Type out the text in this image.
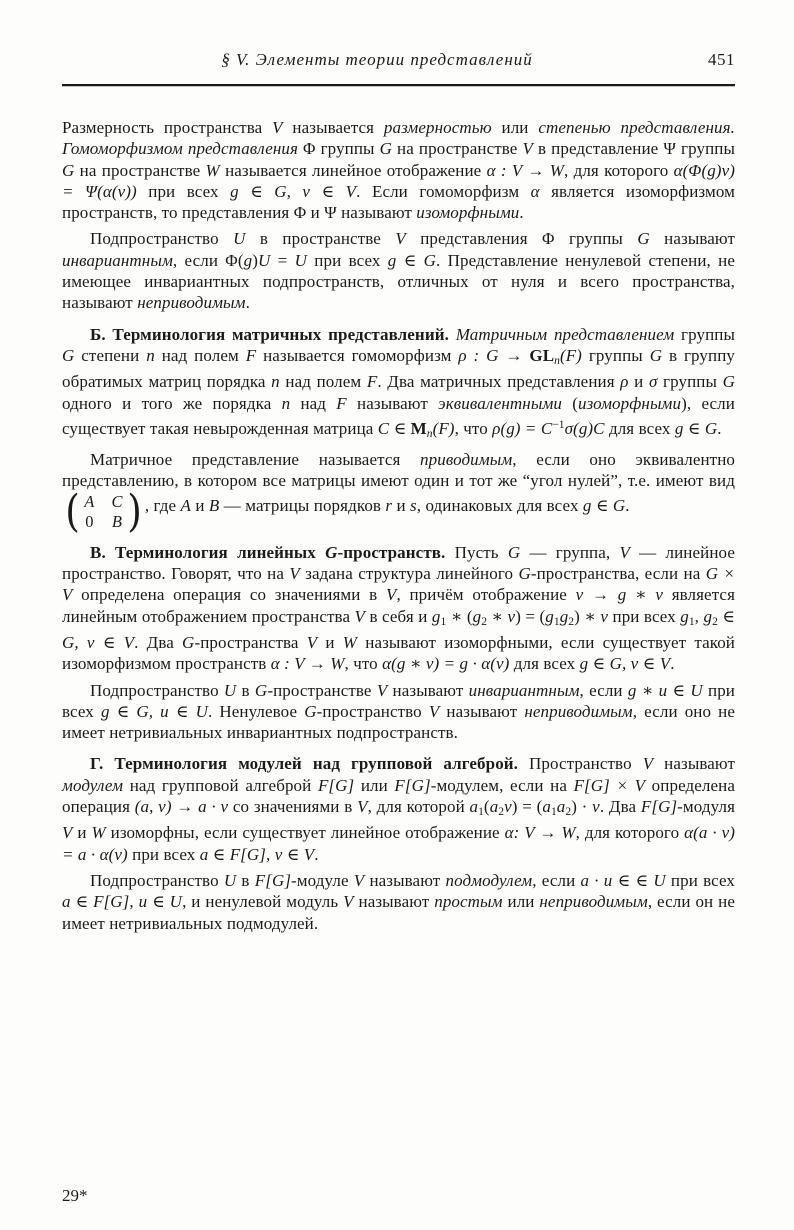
§ V. Элементы теории представлений	451

Размерность пространства V называется размерностью или степенью представления. Гомоморфизмом представления Φ группы G на пространстве V в представление Ψ группы G на пространстве W называется линейное отображение α : V → W, для которого α(Φ(g)v) = Ψ(α(v)) при всех g ∈ G, v ∈ V. Если гомоморфизм α является изоморфизмом пространств, то представления Φ и Ψ называют изоморфными.

Подпространство U в пространстве V представления Φ группы G называют инвариантным, если Φ(g)U = U при всех g ∈ G. Представление ненулевой степени, не имеющее инвариантных подпространств, отличных от нуля и всего пространства, называют неприводимым.

Б. Терминология матричных представлений. Матричным представлением группы G степени n над полем F называется гомоморфизм ρ : $G \to GL_n(F)$ группы G в группу обратимых матриц порядка n над полем F. Два матричных представления ρ и σ группы G одного и того же порядка n над F называют эквивалентными (изоморфными), если существует такая невырожденная матрица C ∈ $M_n(F)$, что $\rho(g) = C^{-1}\sigma(g)C$ для всех g ∈ G.

Матричное представление называется приводимым, если оно эквивалентно представлению, в котором все матрицы имеют один и тот же “угол нулей”, т.е. имеют вид
( A C
0 B ) , где A и B — матрицы порядков r и s, одинаковых для всех g ∈ G.

В. Терминология линейных G-пространств. Пусть G — группа, V — линейное пространство. Говорят, что на V задана структура линейного G-пространства, если на G × V определена операция со значениями в V, причём отображение v → g ∗ v является линейным отображением пространства V в себя и $g_1$ ∗ ($g_2$ ∗ $v) = (g_1g_2)$ ∗ v при всех $g_1$, $g_2$ ∈ G, v ∈ V. Два G-пространства V и W называют изоморфными, если существует такой изоморфизмом пространств α : V → W, что α(g ∗ v) = g · α(v) для всех g ∈ G, v ∈ V.

Подпространство U в G-пространстве V называют инвариантным, если g ∗ u ∈ U при всех g ∈ G, u ∈ U. Ненулевое G-пространство V называют неприводимым, если оно не имеет нетривиальных инвариантных подпространств.

Г. Терминология модулей над групповой алгеброй. Пространство V называют модулем над групповой алгеброй F[G] или F[G]-модулем, если на F[G] × V определена операция (a, v) → a · v со значениями в V, для которой $a_1(a_2v) = (a_1a_2) \cdot v$. Два F[G]-модуля V и W изоморфны, если существует линейное отображение α: V → W, для которого α(a · v) = a · α(v) при всех a ∈ F[G], v ∈ V.

Подпространство U в F[G]-модуле V называют подмодулем, если a · u ∈ ∈ U при всех a ∈ F[G], u ∈ U, и ненулевой модуль V называют простым или неприводимым, если он не имеет нетривиальных подмодулей.

29*
